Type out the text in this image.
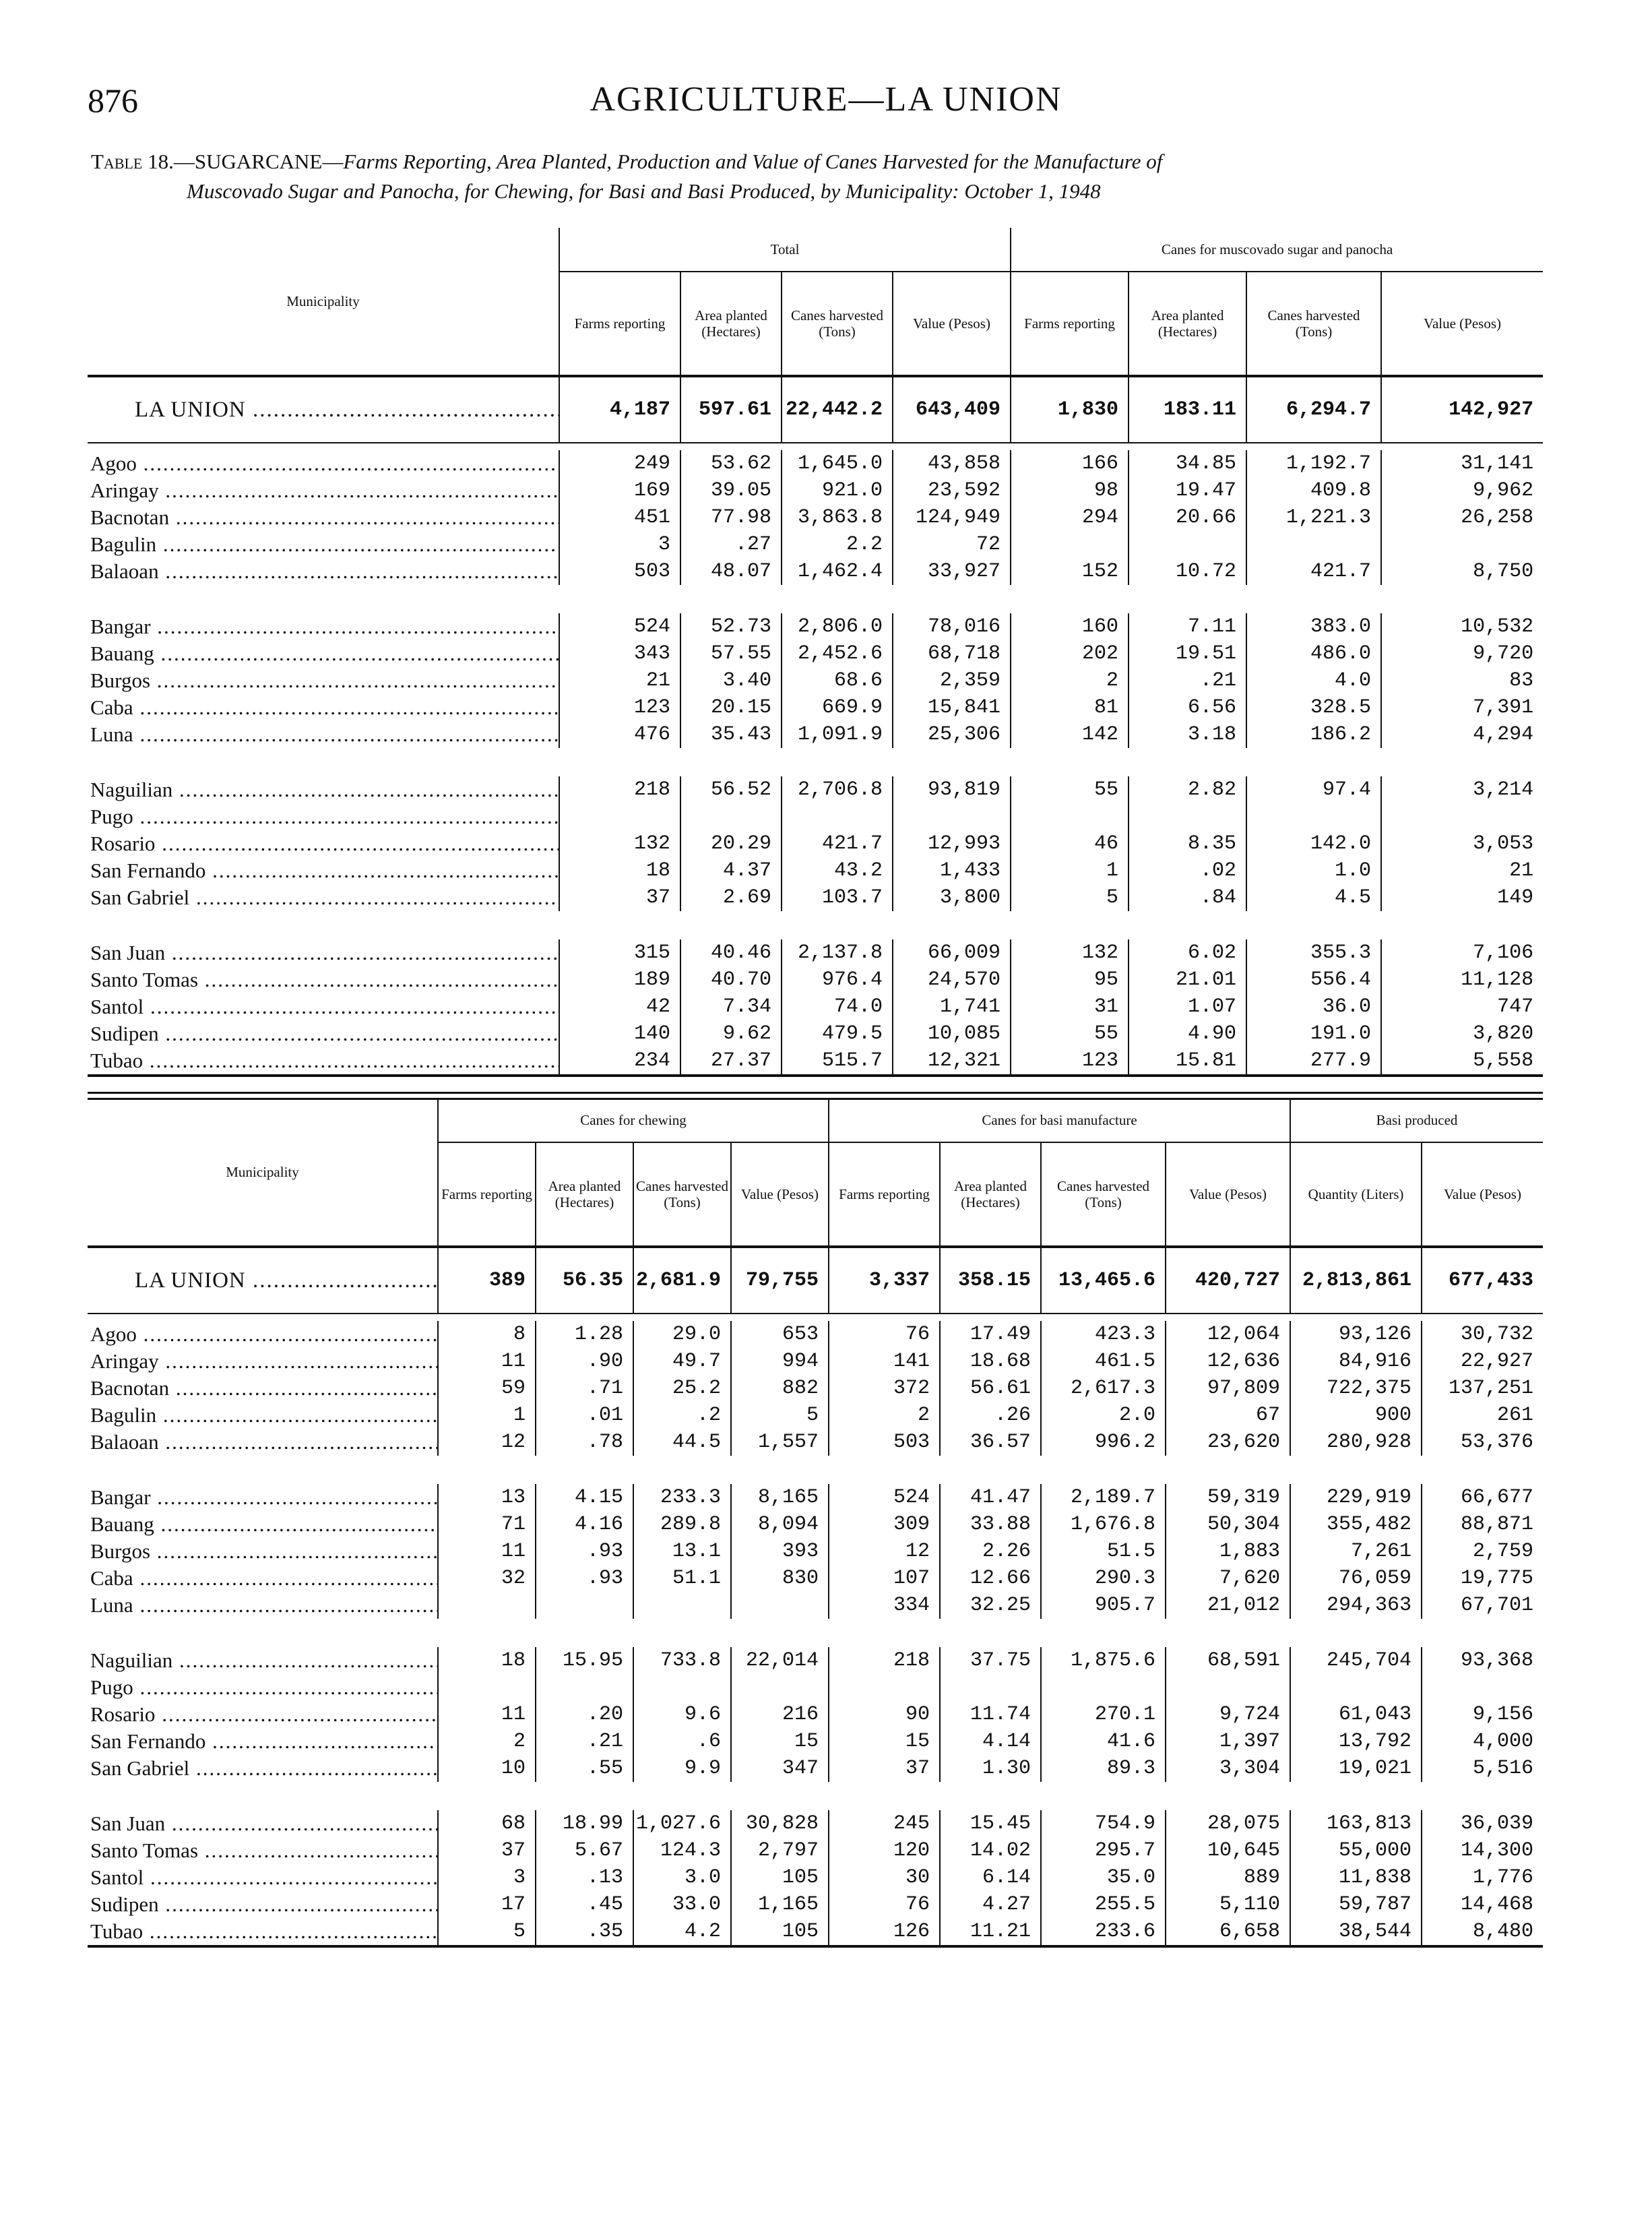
876	AGRICULTURE—LA UNION
Table 18.—SUGARCANE—Farms Reporting, Area Planted, Production and Value of Canes Harvested for the Manufacture of
Muscovado Sugar and Panocha, for Chewing, for Basi and Basi Produced, by Municipality: October 1, 1948
Municipality	Total				Canes for muscovado sugar and panocha			
	Farms reporting	Area planted (Hectares)	Canes harvested (Tons)	Value (Pesos)	Farms reporting	Area planted (Hectares)	Canes harvested (Tons)	Value (Pesos)

LA UNION .....	4,187	597.61	22,442.2	643,409	1,830	183.11	6,294.7	142,927

Agoo .....	249	53.62	1,645.0	43,858	166	34.85	1,192.7	31,141

Aringay .....	169	39.05	921.0	23,592	98	19.47	409.8	9,962

Bacnotan .....	451	77.98	3,863.8	124,949	294	20.66	1,221.3	26,258

Bagulin .....	3	.27	2.2	72				

Balaoan .....	503	48.07	1,462.4	33,927	152	10.72	421.7	8,750

Bangar .....	524	52.73	2,806.0	78,016	160	7.11	383.0	10,532

Bauang .....	343	57.55	2,452.6	68,718	202	19.51	486.0	9,720

Burgos .....	21	3.40	68.6	2,359	2	.21	4.0	83

Caba .....	123	20.15	669.9	15,841	81	6.56	328.5	7,391

Luna .....	476	35.43	1,091.9	25,306	142	3.18	186.2	4,294

Naguilian .....	218	56.52	2,706.8	93,819	55	2.82	97.4	3,214

Pugo .....

Rosario .....	132	20.29	421.7	12,993	46	8.35	142.0	3,053

San Fernando .....	18	4.37	43.2	1,433	1	.02	1.0	21

San Gabriel .....	37	2.69	103.7	3,800	5	.84	4.5	149

San Juan .....	315	40.46	2,137.8	66,009	132	6.02	355.3	7,106

Santo Tomas .....	189	40.70	976.4	24,570	95	21.01	556.4	11,128

Santol .....	42	7.34	74.0	1,741	31	1.07	36.0	747

Sudipen .....	140	9.62	479.5	10,085	55	4.90	191.0	3,820

Tubao .....	234	27.37	515.7	12,321	123	15.81	277.9	5,558
Municipality	Canes for chewing				Canes for basi manufacture				Basi produced	
	Farms reporting	Area planted (Hectares)	Canes harvested (Tons)	Value (Pesos)	Farms reporting	Area planted (Hectares)	Canes harvested (Tons)	Value (Pesos)	Quantity (Liters)	Value (Pesos)

LA UNION .....	389	56.35	2,681.9	79,755	3,337	358.15	13,465.6	420,727	2,813,861	677,433

Agoo .....	8	1.28	29.0	653	76	17.49	423.3	12,064	93,126	30,732

Aringay .....	11	.90	49.7	994	141	18.68	461.5	12,636	84,916	22,927

Bacnotan .....	59	.71	25.2	882	372	56.61	2,617.3	97,809	722,375	137,251

Bagulin .....	1	.01	.2	5	2	.26	2.0	67	900	261

Balaoan .....	12	.78	44.5	1,557	503	36.57	996.2	23,620	280,928	53,376

Bangar .....	13	4.15	233.3	8,165	524	41.47	2,189.7	59,319	229,919	66,677

Bauang .....	71	4.16	289.8	8,094	309	33.88	1,676.8	50,304	355,482	88,871

Burgos .....	11	.93	13.1	393	12	2.26	51.5	1,883	7,261	2,759

Caba .....	32	.93	51.1	830	107	12.66	290.3	7,620	76,059	19,775

Luna .....					334	32.25	905.7	21,012	294,363	67,701

Naguilian .....	18	15.95	733.8	22,014	218	37.75	1,875.6	68,591	245,704	93,368

Pugo .....

Rosario .....	11	.20	9.6	216	90	11.74	270.1	9,724	61,043	9,156

San Fernando .....	2	.21	.6	15	15	4.14	41.6	1,397	13,792	4,000

San Gabriel .....	10	.55	9.9	347	37	1.30	89.3	3,304	19,021	5,516

San Juan .....	68	18.99	1,027.6	30,828	245	15.45	754.9	28,075	163,813	36,039

Santo Tomas .....	37	5.67	124.3	2,797	120	14.02	295.7	10,645	55,000	14,300

Santol .....	3	.13	3.0	105	30	6.14	35.0	889	11,838	1,776

Sudipen .....	17	.45	33.0	1,165	76	4.27	255.5	5,110	59,787	14,468

Tubao .....	5	.35	4.2	105	126	11.21	233.6	6,658	38,544	8,480
